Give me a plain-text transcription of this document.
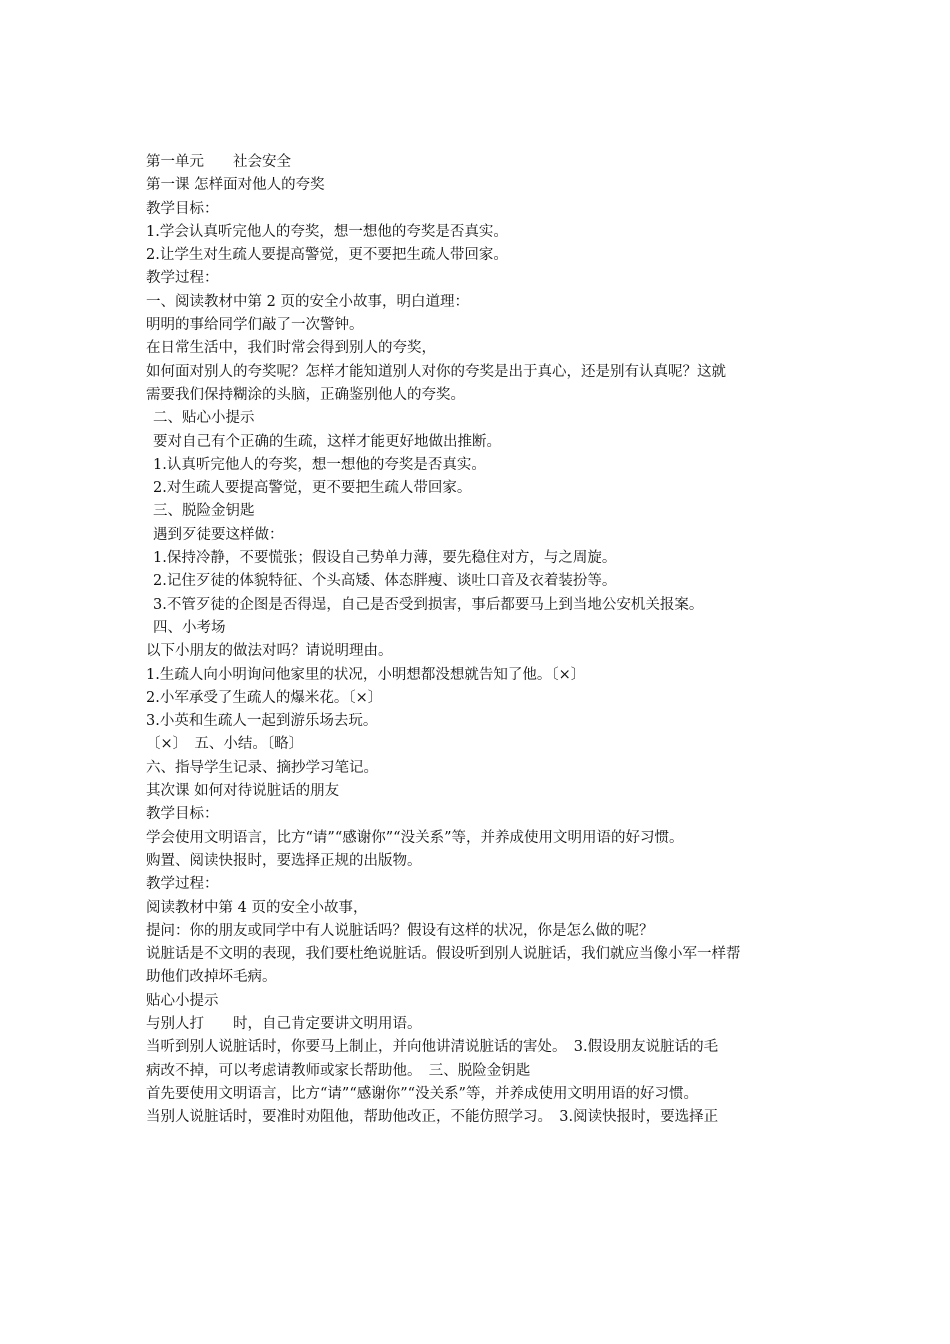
第一单元　　社会安全
第一课 怎样面对他人的夸奖
教学目标：
1.学会认真听完他人的夸奖，想一想他的夸奖是否真实。
2.让学生对生疏人要提高警觉，更不要把生疏人带回家。
教学过程：
一、阅读教材中第 2 页的安全小故事，明白道理：
明明的事给同学们敲了一次警钟。
在日常生活中，我们时常会得到别人的夸奖，
如何面对别人的夸奖呢？怎样才能知道别人对你的夸奖是出于真心，还是别有认真呢？这就
需要我们保持糊涂的头脑，正确鉴别他人的夸奖。
二、贴心小提示
要对自己有个正确的生疏，这样才能更好地做出推断。
1.认真听完他人的夸奖，想一想他的夸奖是否真实。
2.对生疏人要提高警觉，更不要把生疏人带回家。
三、脱险金钥匙
遇到歹徒要这样做：
1.保持冷静，不要慌张；假设自己势单力薄，要先稳住对方，与之周旋。
2.记住歹徒的体貌特征、个头高矮、体态胖瘦、谈吐口音及衣着装扮等。
3.不管歹徒的企图是否得逞，自己是否受到损害，事后都要马上到当地公安机关报案。
四、小考场
以下小朋友的做法对吗？请说明理由。
1.生疏人向小明询问他家里的状况，小明想都没想就告知了他。〔×〕
2.小军承受了生疏人的爆米花。〔×〕
3.小英和生疏人一起到游乐场去玩。
〔×〕　五、小结。〔略〕
六、指导学生记录、摘抄学习笔记。
其次课 如何对待说脏话的朋友
教学目标：
学会使用文明语言，比方“请”“感谢你”“没关系”等，并养成使用文明用语的好习惯。
购置、阅读快报时，要选择正规的出版物。
教学过程：
阅读教材中第 4 页的安全小故事，
提问：你的朋友或同学中有人说脏话吗？假设有这样的状况，你是怎么做的呢？
说脏话是不文明的表现，我们要杜绝说脏话。假设听到别人说脏话，我们就应当像小军一样帮
助他们改掉坏毛病。
贴心小提示
与别人打　　时，自己肯定要讲文明用语。
当听到别人说脏话时，你要马上制止，并向他讲清说脏话的害处。　3.假设朋友说脏话的毛
病改不掉，可以考虑请教师或家长帮助他。　三、脱险金钥匙
首先要使用文明语言，比方“请”“感谢你”“没关系”等，并养成使用文明用语的好习惯。
当别人说脏话时，要准时劝阻他，帮助他改正，不能仿照学习。　3.阅读快报时，要选择正
